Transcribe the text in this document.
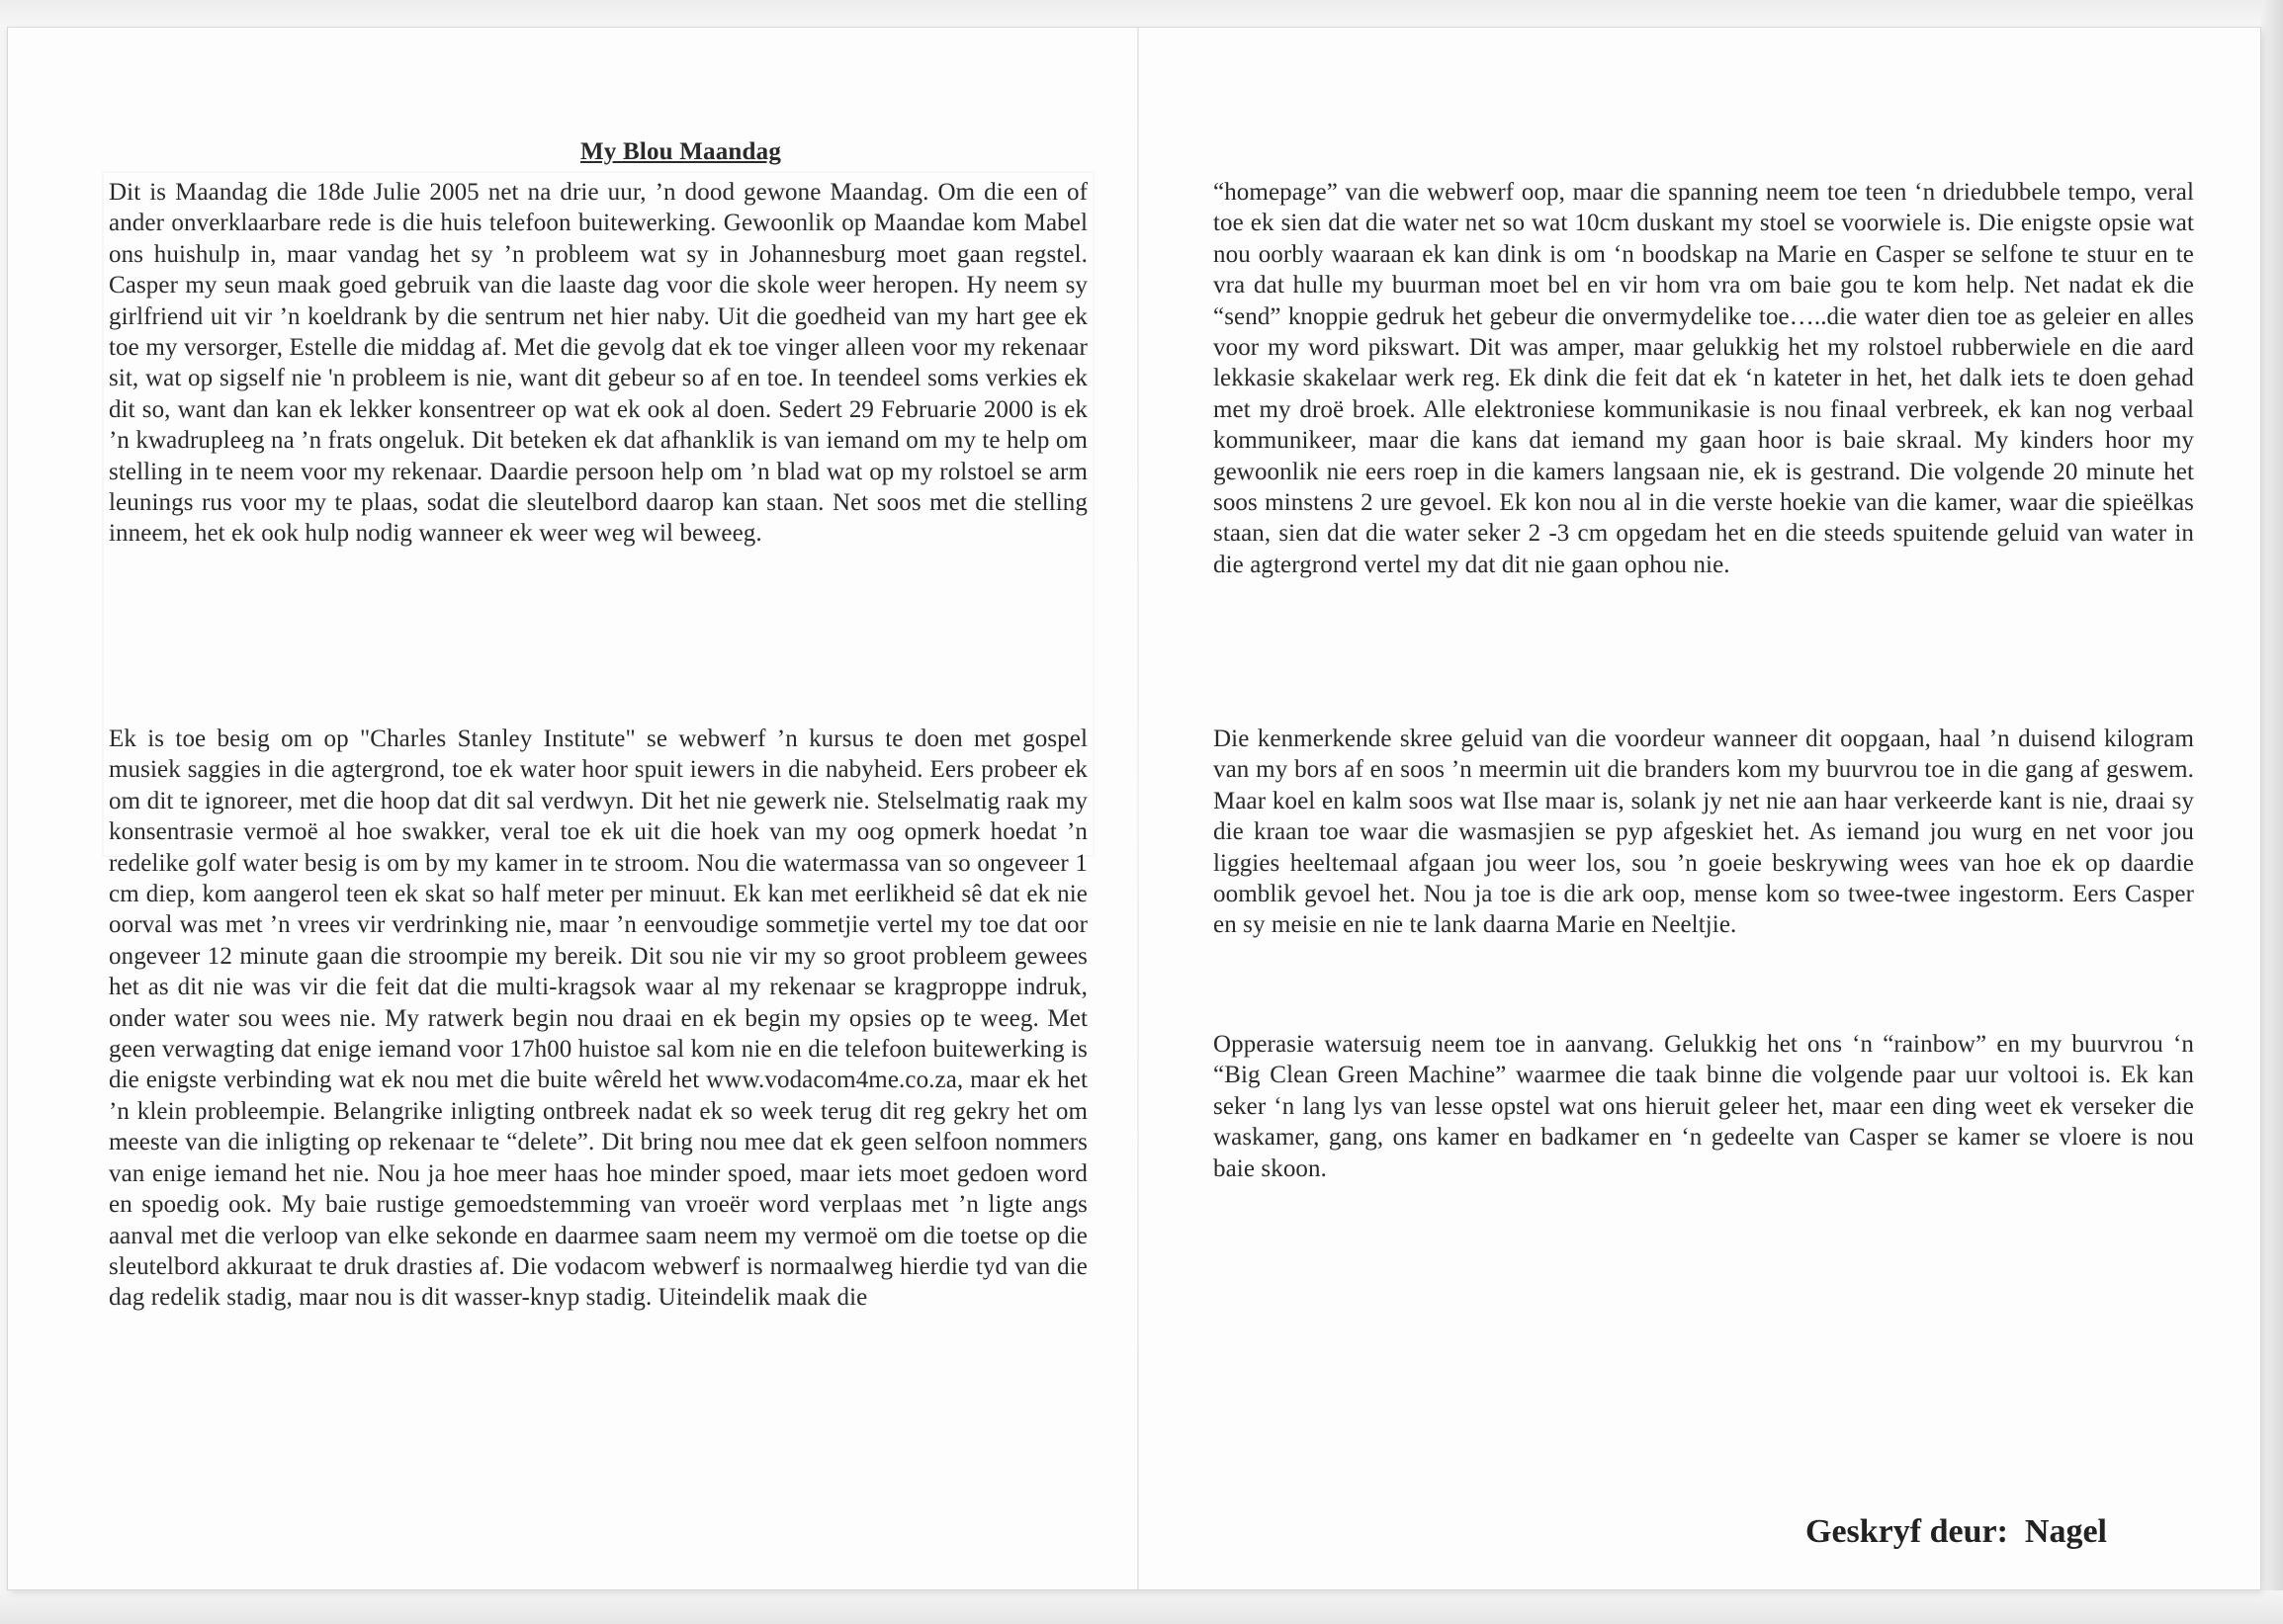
My Blou Maandag

Dit is Maandag die 18de Julie 2005 net na drie uur, ’n dood gewone Maandag. Om die een of ander onverklaarbare rede is die huis telefoon buitewerking. Gewoonlik op Maandae kom Mabel ons huishulp in, maar vandag het sy ’n probleem wat sy in Johannesburg moet gaan regstel. Casper my seun maak goed gebruik van die laaste dag voor die skole weer heropen. Hy neem sy girlfriend uit vir ’n koeldrank by die sentrum net hier naby. Uit die goedheid van my hart gee ek toe my versorger, Estelle die middag af. Met die gevolg dat ek toe vinger alleen voor my rekenaar sit, wat op sigself nie 'n probleem is nie, want dit gebeur so af en toe. In teendeel soms verkies ek dit so, want dan kan ek lekker konsentreer op wat ek ook al doen. Sedert 29 Februarie 2000 is ek ’n kwadrupleeg na ’n frats ongeluk. Dit beteken ek dat afhanklik is van iemand om my te help om stelling in te neem voor my rekenaar. Daardie persoon help om ’n blad wat op my rolstoel se arm leunings rus voor my te plaas, sodat die sleutelbord daarop kan staan. Net soos met die stelling inneem, het ek ook hulp nodig wanneer ek weer weg wil beweeg.

Ek is toe besig om op "Charles Stanley Institute" se webwerf ’n kursus te doen met gospel musiek saggies in die agtergrond, toe ek water hoor spuit iewers in die nabyheid. Eers probeer ek om dit te ignoreer, met die hoop dat dit sal verdwyn. Dit het nie gewerk nie. Stelselmatig raak my konsentrasie vermoë al hoe swakker, veral toe ek uit die hoek van my oog opmerk hoedat ’n redelike golf water besig is om by my kamer in te stroom. Nou die watermassa van so ongeveer 1 cm diep, kom aangerol teen ek skat so half meter per minuut. Ek kan met eerlikheid sê dat ek nie oorval was met ’n vrees vir verdrinking nie, maar ’n eenvoudige sommetjie vertel my toe dat oor ongeveer 12 minute gaan die stroompie my bereik. Dit sou nie vir my so groot probleem gewees het as dit nie was vir die feit dat die multi-kragsok waar al my rekenaar se kragproppe indruk, onder water sou wees nie. My ratwerk begin nou draai en ek begin my opsies op te weeg. Met geen verwagting dat enige iemand voor 17h00 huistoe sal kom nie en die telefoon buitewerking is die enigste verbinding wat ek nou met die buite wêreld het www.vodacom4me.co.za, maar ek het ’n klein probleempie. Belangrike inligting ontbreek nadat ek so week terug dit reg gekry het om meeste van die inligting op rekenaar te “delete”. Dit bring nou mee dat ek geen selfoon nommers van enige iemand het nie. Nou ja hoe meer haas hoe minder spoed, maar iets moet gedoen word en spoedig ook. My baie rustige gemoedstemming van vroeër word verplaas met ’n ligte angs aanval met die verloop van elke sekonde en daarmee saam neem my vermoë om die toetse op die sleutelbord akkuraat te druk drasties af. Die vodacom webwerf is normaalweg hierdie tyd van die dag redelik stadig, maar nou is dit wasser-knyp stadig. Uiteindelik maak die

“homepage” van die webwerf oop, maar die spanning neem toe teen ‘n driedubbele tempo, veral toe ek sien dat die water net so wat 10cm duskant my stoel se voorwiele is. Die enigste opsie wat nou oorbly waaraan ek kan dink is om ‘n boodskap na Marie en Casper se selfone te stuur en te vra dat hulle my buurman moet bel en vir hom vra om baie gou te kom help. Net nadat ek die “send” knoppie gedruk het gebeur die onvermydelike toe…..die water dien toe as geleier en alles voor my word pikswart. Dit was amper, maar gelukkig het my rolstoel rubberwiele en die aard lekkasie skakelaar werk reg. Ek dink die feit dat ek ‘n kateter in het, het dalk iets te doen gehad met my droë broek. Alle elektroniese kommunikasie is nou finaal verbreek, ek kan nog verbaal kommunikeer, maar die kans dat iemand my gaan hoor is baie skraal. My kinders hoor my gewoonlik nie eers roep in die kamers langsaan nie, ek is gestrand. Die volgende 20 minute het soos minstens 2 ure gevoel. Ek kon nou al in die verste hoekie van die kamer, waar die spieëlkas staan, sien dat die water seker 2 -3 cm opgedam het en die steeds spuitende geluid van water in die agtergrond vertel my dat dit nie gaan ophou nie.

Die kenmerkende skree geluid van die voordeur wanneer dit oopgaan, haal ’n duisend kilogram van my bors af en soos ’n meermin uit die branders kom my buurvrou toe in die gang af geswem. Maar koel en kalm soos wat Ilse maar is, solank jy net nie aan haar verkeerde kant is nie, draai sy die kraan toe waar die wasmasjien se pyp afgeskiet het. As iemand jou wurg en net voor jou liggies heeltemaal afgaan jou weer los, sou ’n goeie beskrywing wees van hoe ek op daardie oomblik gevoel het. Nou ja toe is die ark oop, mense kom so twee-twee ingestorm. Eers Casper en sy meisie en nie te lank daarna Marie en Neeltjie.

Opperasie watersuig neem toe in aanvang. Gelukkig het ons ‘n “rainbow” en my buurvrou ‘n “Big Clean Green Machine” waarmee die taak binne die volgende paar uur voltooi is. Ek kan seker ‘n lang lys van lesse opstel wat ons hieruit geleer het, maar een ding weet ek verseker die waskamer, gang, ons kamer en badkamer en ‘n gedeelte van Casper se kamer se vloere is nou baie skoon.

Geskryf deur:  Nagel
